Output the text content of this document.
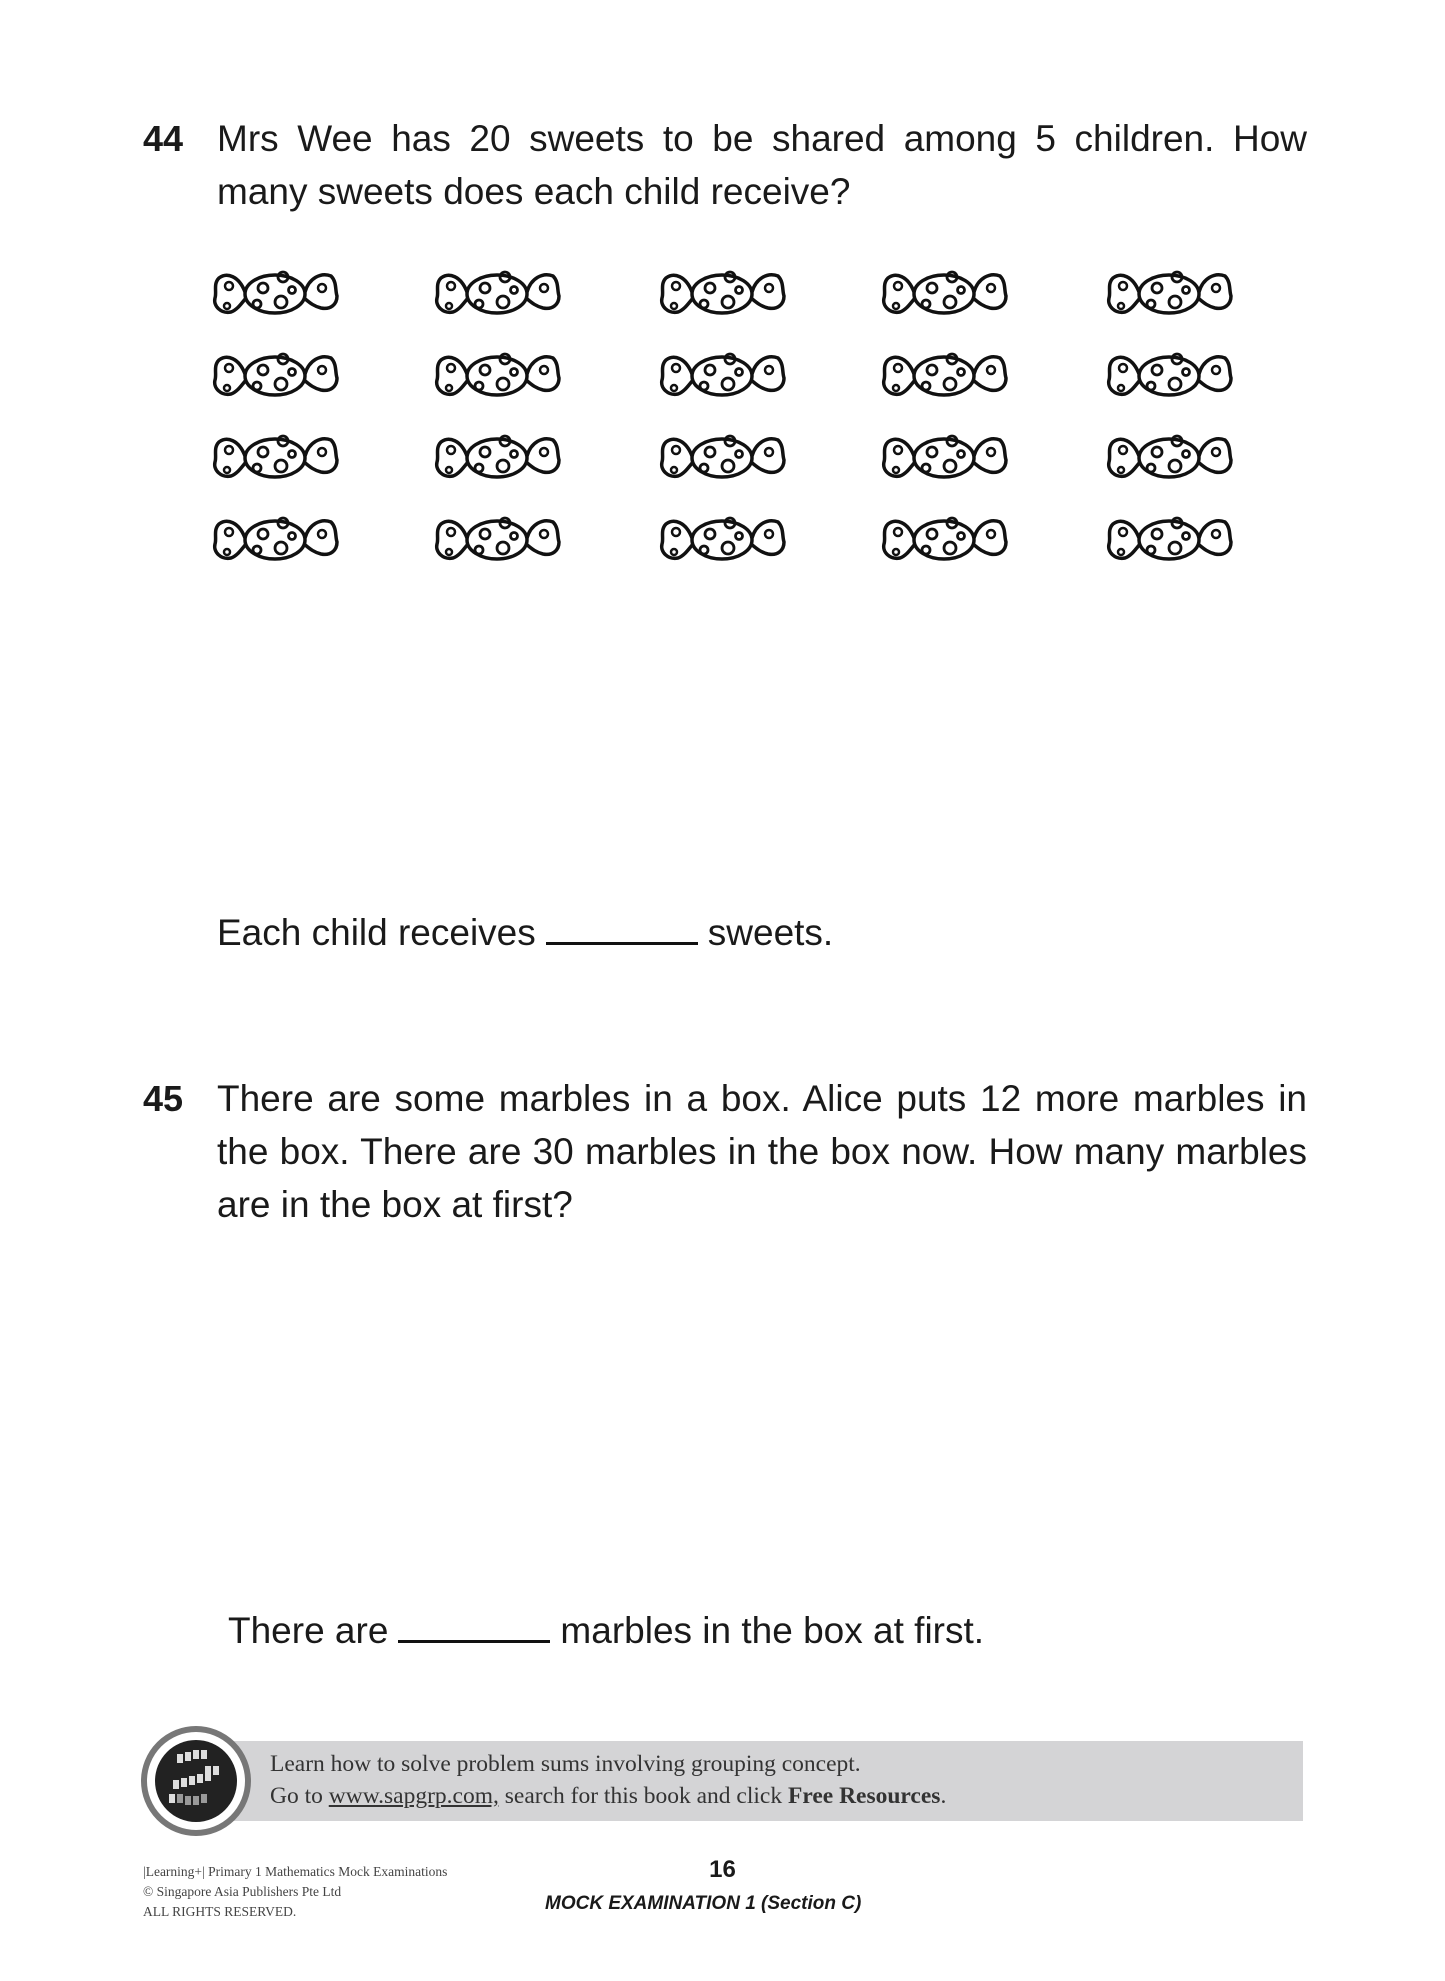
44 Mrs Wee has 20 sweets to be shared among 5 children. How many sweets does each child receive?
Each child receives	sweets.
45 There are some marbles in a box. Alice puts 12 more marbles in the box. There are 30 marbles in the box now. How many marbles are in the box at first?
There are	marbles in the box at first.
Learn how to solve problem sums involving grouping concept.
Go to www.sapgrp.com, search for this book and click Free Resources.
|Learning+| Primary 1 Mathematics Mock Examinations
© Singapore Asia Publishers Pte Ltd
ALL RIGHTS RESERVED.
16
MOCK EXAMINATION 1 (Section C)
